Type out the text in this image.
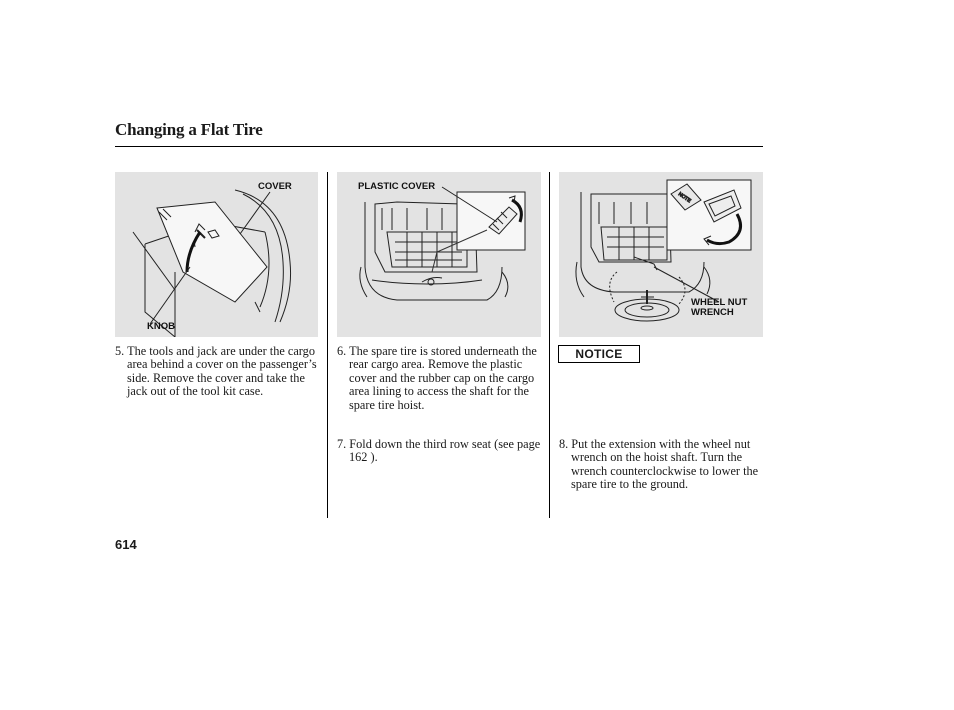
Changing a Flat Tire
COVER
KNOB
PLASTIC COVER
NOTE
WHEEL NUT
WRENCH

5. The tools and jack are under the cargo area behind a cover on the passenger’s side. Remove the cover and take the jack out of the tool kit case.

6. The spare tire is stored underneath the rear cargo area. Remove the plastic cover and the rubber cap on the cargo area lining to access the shaft for the spare tire hoist.

7. Fold down the third row seat (see page 162 ).

NOTICE

8. Put the extension with the wheel nut wrench on the hoist shaft. Turn the wrench counterclockwise to lower the spare tire to the ground.

614
